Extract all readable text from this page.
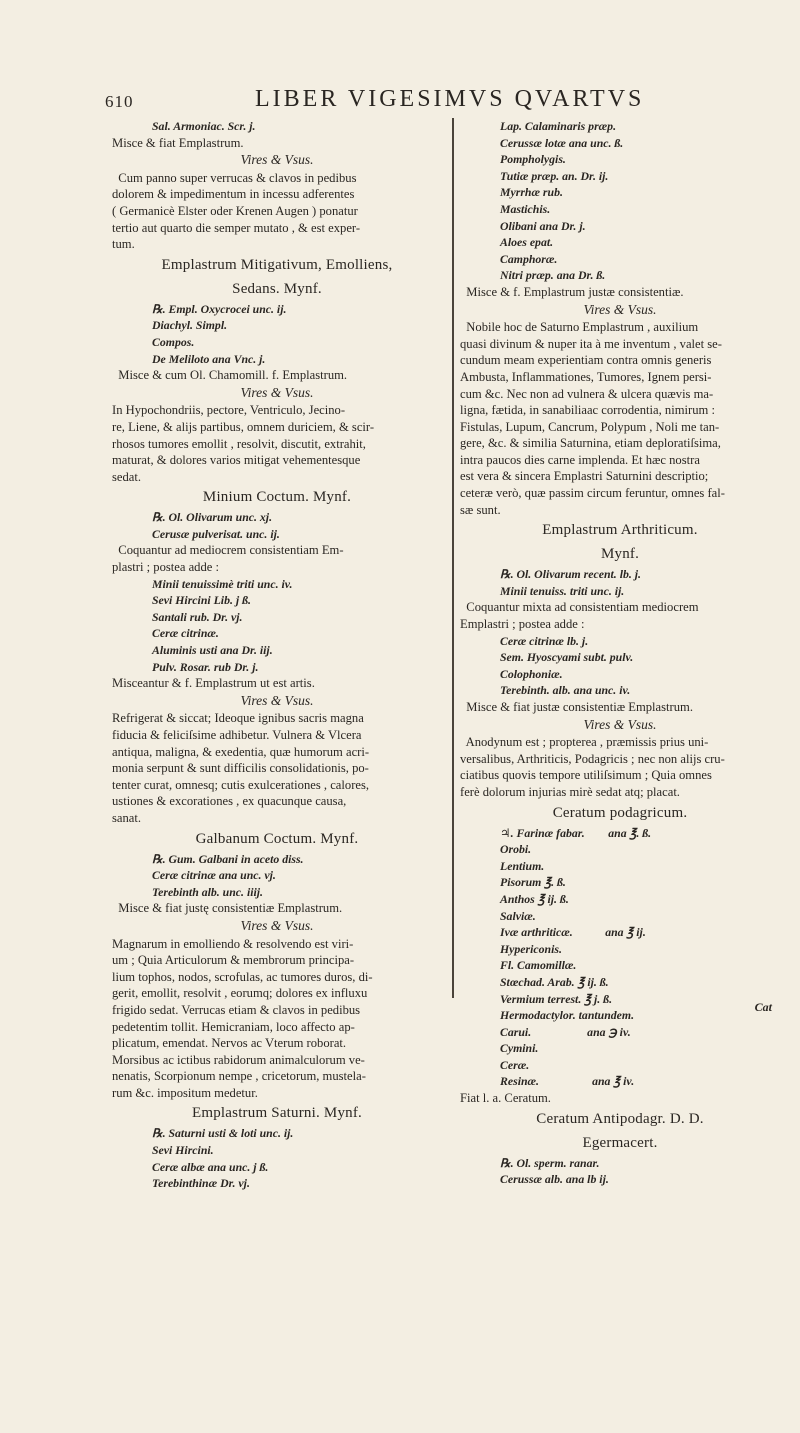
610	LIBER VIGESIMVS QVARTVS
Sal. Armoniac. Scr. j.
Misce & fiat Emplastrum.
Vires & Vsus.
Cum panno super verrucas & clavos in pedibus
dolorem & impedimentum in incessu adferentes
( Germanicè Elster oder Krenen Augen ) ponatur
tertio aut quarto die semper mutato , & est exper-
tum.
Emplastrum Mitigativum, Emolliens,
Sedans. Mynf.
℞. Empl. Oxycrocei unc. ij.
Diachyl. Simpl.
Compos.
De Meliloto ana Vnc. j.
Misce & cum Ol. Chamomill. f. Emplastrum.
Vires & Vsus.
In Hypochondriis, pectore, Ventriculo, Jecino-
re, Liene, & alijs partibus, omnem duriciem, & scir-
rhosos tumores emollit , resolvit, discutit, extrahit,
maturat, & dolores varios mitigat vehementesque
sedat.
Minium Coctum. Mynf.
℞. Ol. Olivarum unc. xj.
Cerusæ pulverisat. unc. ij.
Coquantur ad mediocrem consistentiam Em-
plastri ; postea adde :
Minii tenuissimè triti unc. iv.
Sevi Hircini Lib. j ß.
Santali rub. Dr. vj.
Ceræ citrinæ.
Aluminis usti ana Dr. iij.
Pulv. Rosar. rub Dr. j.
Misceantur & f. Emplastrum ut est artis.
Vires & Vsus.
Refrigerat & siccat; Ideoque ignibus sacris magna
fiducia & feliciſsime adhibetur. Vulnera & Vlcera
antiqua, maligna, & exedentia, quæ humorum acri-
monia serpunt & sunt difficilis consolidationis, po-
tenter curat, omnesq; cutis exulcerationes , calores,
ustiones & excorationes , ex quacunque causa,
sanat.
Galbanum Coctum. Mynf.
℞. Gum. Galbani in aceto diss.
Ceræ citrinæ ana unc. vj.
Terebinth alb. unc. iiij.
Misce & fiat justę consistentiæ Emplastrum.
Vires & Vsus.
Magnarum in emolliendo & resolvendo est viri-
um ; Quia Articulorum & membrorum principa-
lium tophos, nodos, scrofulas, ac tumores duros, di-
gerit, emollit, resolvit , eorumq; dolores ex influxu
frigido sedat. Verrucas etiam & clavos in pedibus
pedetentim tollit. Hemicraniam, loco affecto ap-
plicatum, emendat. Nervos ac Vterum roborat.
Morsibus ac ictibus rabidorum animalculorum ve-
nenatis, Scorpionum nempe , cricetorum, mustela-
rum &c. impositum medetur.
Emplastrum Saturni. Mynf.
℞. Saturni usti & loti unc. ij.
Sevi Hircini.
Ceræ albæ ana unc. j ß.
Terebinthinæ Dr. vj.
Lap. Calaminaris præp.
Cerussæ lotæ ana unc. ß.
Pompholygis.
Tutiæ præp. an. Dr. ij.
Myrrhæ rub.
Mastichis.
Olibani ana Dr. j.
Aloes epat.
Camphoræ.
Nitri præp. ana Dr. ß.
Misce & f. Emplastrum justæ consistentiæ.
Vires & Vsus.
Nobile hoc de Saturno Emplastrum , auxilium
quasi divinum & nuper ita à me inventum , valet se-
cundum meam experientiam contra omnis generis
Ambusta, Inflammationes, Tumores, Ignem persi-
cum &c. Nec non ad vulnera & ulcera quævis ma-
ligna, fætida, in sanabiliaac corrodentia, nimirum :
Fistulas, Lupum, Cancrum, Polypum , Noli me tan-
gere, &c. & similia Saturnina, etiam deploratiſsima,
intra paucos dies carne implenda. Et hæc nostra
est vera & sincera Emplastri Saturnini descriptio;
ceteræ verò, quæ passim circum feruntur, omnes fal-
sæ sunt.
Emplastrum Arthriticum.
Mynf.
℞. Ol. Olivarum recent. lb. j.
Minii tenuiss. triti unc. ij.
Coquantur mixta ad consistentiam mediocrem
Emplastri ; postea adde :
Ceræ citrinæ lb. j.
Sem. Hyoscyami subt. pulv.
Colophoniæ.
Terebinth. alb. ana unc. iv.
Misce & fiat justæ consistentiæ Emplastrum.
Vires & Vsus.
Anodynum est ; propterea , præmissis prius uni-
versalibus, Arthriticis, Podagricis ; nec non alijs cru-
ciatibus quovis tempore utiliſsimum ; Quia omnes
ferè dolorum injurias mirè sedat atq; placat.
Ceratum podagricum.
♃. Farinæ fabar.        ana ℥. ß.
Orobi.
Lentium.
Pisorum ℥. ß.
Anthos ℥ ij. ß.
Salviæ.
Ivæ arthriticæ.           ana ℥ ij.
Hypericonis.
Fl. Camomillæ.
Stœchad. Arab. ℥ ij. ß.
Vermium terrest. ℥ j. ß.
Hermodactylor. tantundem.
Carui.                   ana ℈ iv.
Cymini.
Ceræ.
Resinæ.                  ana ℥ iv.
Fiat l. a. Ceratum.
Ceratum Antipodagr. D. D.
Egermacert.
℞. Ol. sperm. ranar.
Cerussæ alb. ana lb ij.
Cat
